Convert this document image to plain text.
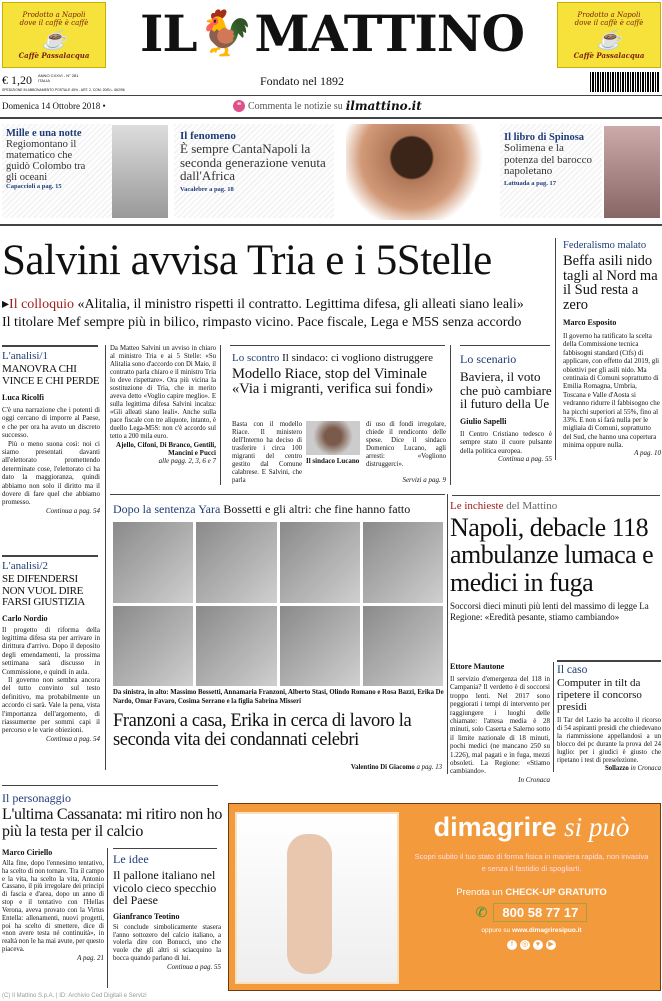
Prodotto a Napoli
dove il caffè è caffè
☕
Caffè Passalacqua IL 🐓 MATTINO	Prodotto a Napoli
dove il caffè è caffè
☕
Caffè Passalacqua
€ 1,20 ANNO CXXVI - N° 281
ITALIA
SPEDIZIONE IN ABBONAMENTO POSTALE 45% - ART. 2, COM. 20/B L. 662/96
Fondato nel 1892
Domenica 14 Ottobre 2018 •	❝ Commenta le notizie su ilmattino.it
Mille e una notte
Regiomontano il matematico che guidò Colombo tra gli oceani
Capaccioli a pag. 15
Il fenomeno
È sempre CantaNapoli la seconda generazione venuta dall'Africa
Vacalebre a pag. 18
Il libro di Spinosa
Solimena e la potenza del barocco napoletano
Lattuada a pag. 17
Salvini avvisa Tria e i 5Stelle
▸Il colloquio «Alitalia, il ministro rispetti il contratto. Legittima difesa, gli alleati siano leali»
Il titolare Mef sempre più in bilico, rimpasto vicino. Pace fiscale, Lega e M5S senza accordo
L'analisi/1
MANOVRA CHI VINCE E CHI PERDE
Luca Ricolfi
C'è una narrazione che i potenti di oggi cercano di imporre al Paese, e che per ora ha avuto un discreto successo.
Più o meno suona così: noi ci siamo presentati davanti all'elettorato promettendo determinate cose, l'elettorato ci ha dato la maggioranza, quindi abbiamo non solo il diritto ma il dovere di fare quel che abbiamo promesso.
Continua a pag. 54
L'analisi/2
SE DIFENDERSI NON VUOL DIRE FARSI GIUSTIZIA
Carlo Nordio
Il progetto di riforma della legittima difesa sta per arrivare in dirittura d'arrivo. Dopo il deposito degli emendamenti, la prossima settimana sarà discusso in Commissione, e quindi in aula.
Il governo non sembra ancora del tutto convinto sul testo definitivo, ma probabilmente un accordo ci sarà. Vale la pena, vista l'importanza dell'argomento, di riassumerne per sommi capi il percorso e le varie obiezioni.
Continua a pag. 54
Da Matteo Salvini un avviso in chiaro al ministro Tria e ai 5 Stelle: «Su Alitalia sono d'accordo con Di Maio, il contratto parla chiaro e il ministro Tria lo deve rispettare». Ora più vicina la sostituzione di Tria, che in merito aveva detto «Voglio capire meglio». E sulla legittima difesa Salvini incalza: «Gli alleati siano leali». Anche sulla pace fiscale con tre aliquote, intanto, è duello Lega-M5S: non c'è accordo sul tetto a 200 mila euro.
Ajello, Cifoni, Di Branco, Gentili, Mancini e Pucci
alle pagg. 2, 3, 6 e 7
Lo scontro Il sindaco: ci vogliono distruggere
Modello Riace, stop del Viminale «Via i migranti, verifica sui fondi»
Basta con il modello Riace. Il ministero dell'Interno ha deciso di trasferire i circa 100 migranti del centro gestito dal Comune calabrese. E Salvini, che parla
Il sindaco Lucano
di uso di fondi irregolare, chiede il rendiconto delle spese. Dice il sindaco Domenico Lucano, agli arresti: «Vogliono distruggerci».
Servizi a pag. 9
Lo scenario
Baviera, il voto che può cambiare il futuro della Ue
Giulio Sapelli
Il Centro Cristiano tedesco è sempre stato il cuore pulsante della politica europea.
Continua a pag. 55
Federalismo malato
Beffa asili nido tagli al Nord ma il Sud resta a zero
Marco Esposito
Il governo ha ratificato la scelta della Commissione tecnica fabbisogni standard (Ctfs) di applicare, con effetto dal 2019, gli obiettivi per gli asili nido. Ma centinaia di Comuni soprattutto di Emilia Romagna, Umbria, Toscana e Valle d'Aosta si vedranno ridurre il fabbisogno che ha picchi superiori al 55%, fino al 33%. E non si farà nulla per le migliaia di Comuni, soprattutto del Sud, che hanno una copertura minima oppure nulla.
A pag. 10
Dopo la sentenza Yara Bossetti e gli altri: che fine hanno fatto
Da sinistra, in alto: Massimo Bossetti, Annamaria Franzoni, Alberto Stasi, Olindo Romano e Rosa Bazzi, Erika De Nardo, Omar Favaro, Cosima Serrano e la figlia Sabrina Misseri
Franzoni a casa, Erika in cerca di lavoro la seconda vita dei condannati celebri
Valentino Di Giacomo a pag. 13
Le inchieste del Mattino
Napoli, debacle 118 ambulanze lumaca e medici in fuga
Soccorsi dieci minuti più lenti del massimo di legge La Regione: «Eredità pesante, stiamo cambiando»
Ettore Mautone
Il servizio d'emergenza del 118 in Campania? Il verdetto è di soccorsi troppo lenti. Nel 2017 sono peggiorati i tempi di intervento per raggiungere i luoghi delle chiamate: l'attesa media è 28 minuti, solo Caserta e Salerno sotto il limite nazionale di 18 minuti, pochi medici (ne mancano 250 su 1.226), mal pagati e in fuga, mezzi obsoleti. La Regione: «Stiamo cambiando».
In Cronaca
Il caso
Computer in tilt da ripetere il concorso presidi
Il Tar del Lazio ha accolto il ricorso di 54 aspiranti presidi che chiedevano la riammissione appellandosi a un blocco dei pc durante la prova del 24 luglio: per i giudici è giusto che ripetano i test di preselezione.
Sollazzo in Cronaca
Il personaggio
L'ultima Cassanata: mi ritiro non ho più la testa per il calcio
Marco Ciriello
Alla fine, dopo l'ennesimo tentativo, ha scelto di non tornare. Tra il campo e la vita, ha scelto la vita, Antonio Cassano, il più irregolare dei principi di fascia e d'area, dopo un anno di stop e il tentativo con l'Hellas Verona, aveva provato con la Virtus Entella: allenamenti, nuovi progetti, poi ha scelto di smettere, dice di «non avere testa né continuità», in realtà non le ha mai avute, per questo piaceva.
A pag. 21
Le idee
Il pallone italiano nel vicolo cieco specchio del Paese
Gianfranco Teotino
Si conclude simbolicamente stasera l'anno sottozero del calcio italiano, a volerla dire con Bonucci, uno che vuole che gli altri si sciacquino la bocca quando parlano di lui.
Continua a pag. 55
dimagrire si può
Scopri subito il tuo stato di forma fisica in maniera rapida, non invasiva e senza il fastidio di spogliarti.
Prenota un CHECK-UP GRATUITO
✆	800 58 77 17
oppure su www.dimagriresipuo.it
f	◎	♥	▶
(C) Il Mattino S.p.A. | ID: Archivio Ced Digitali e Servizi
